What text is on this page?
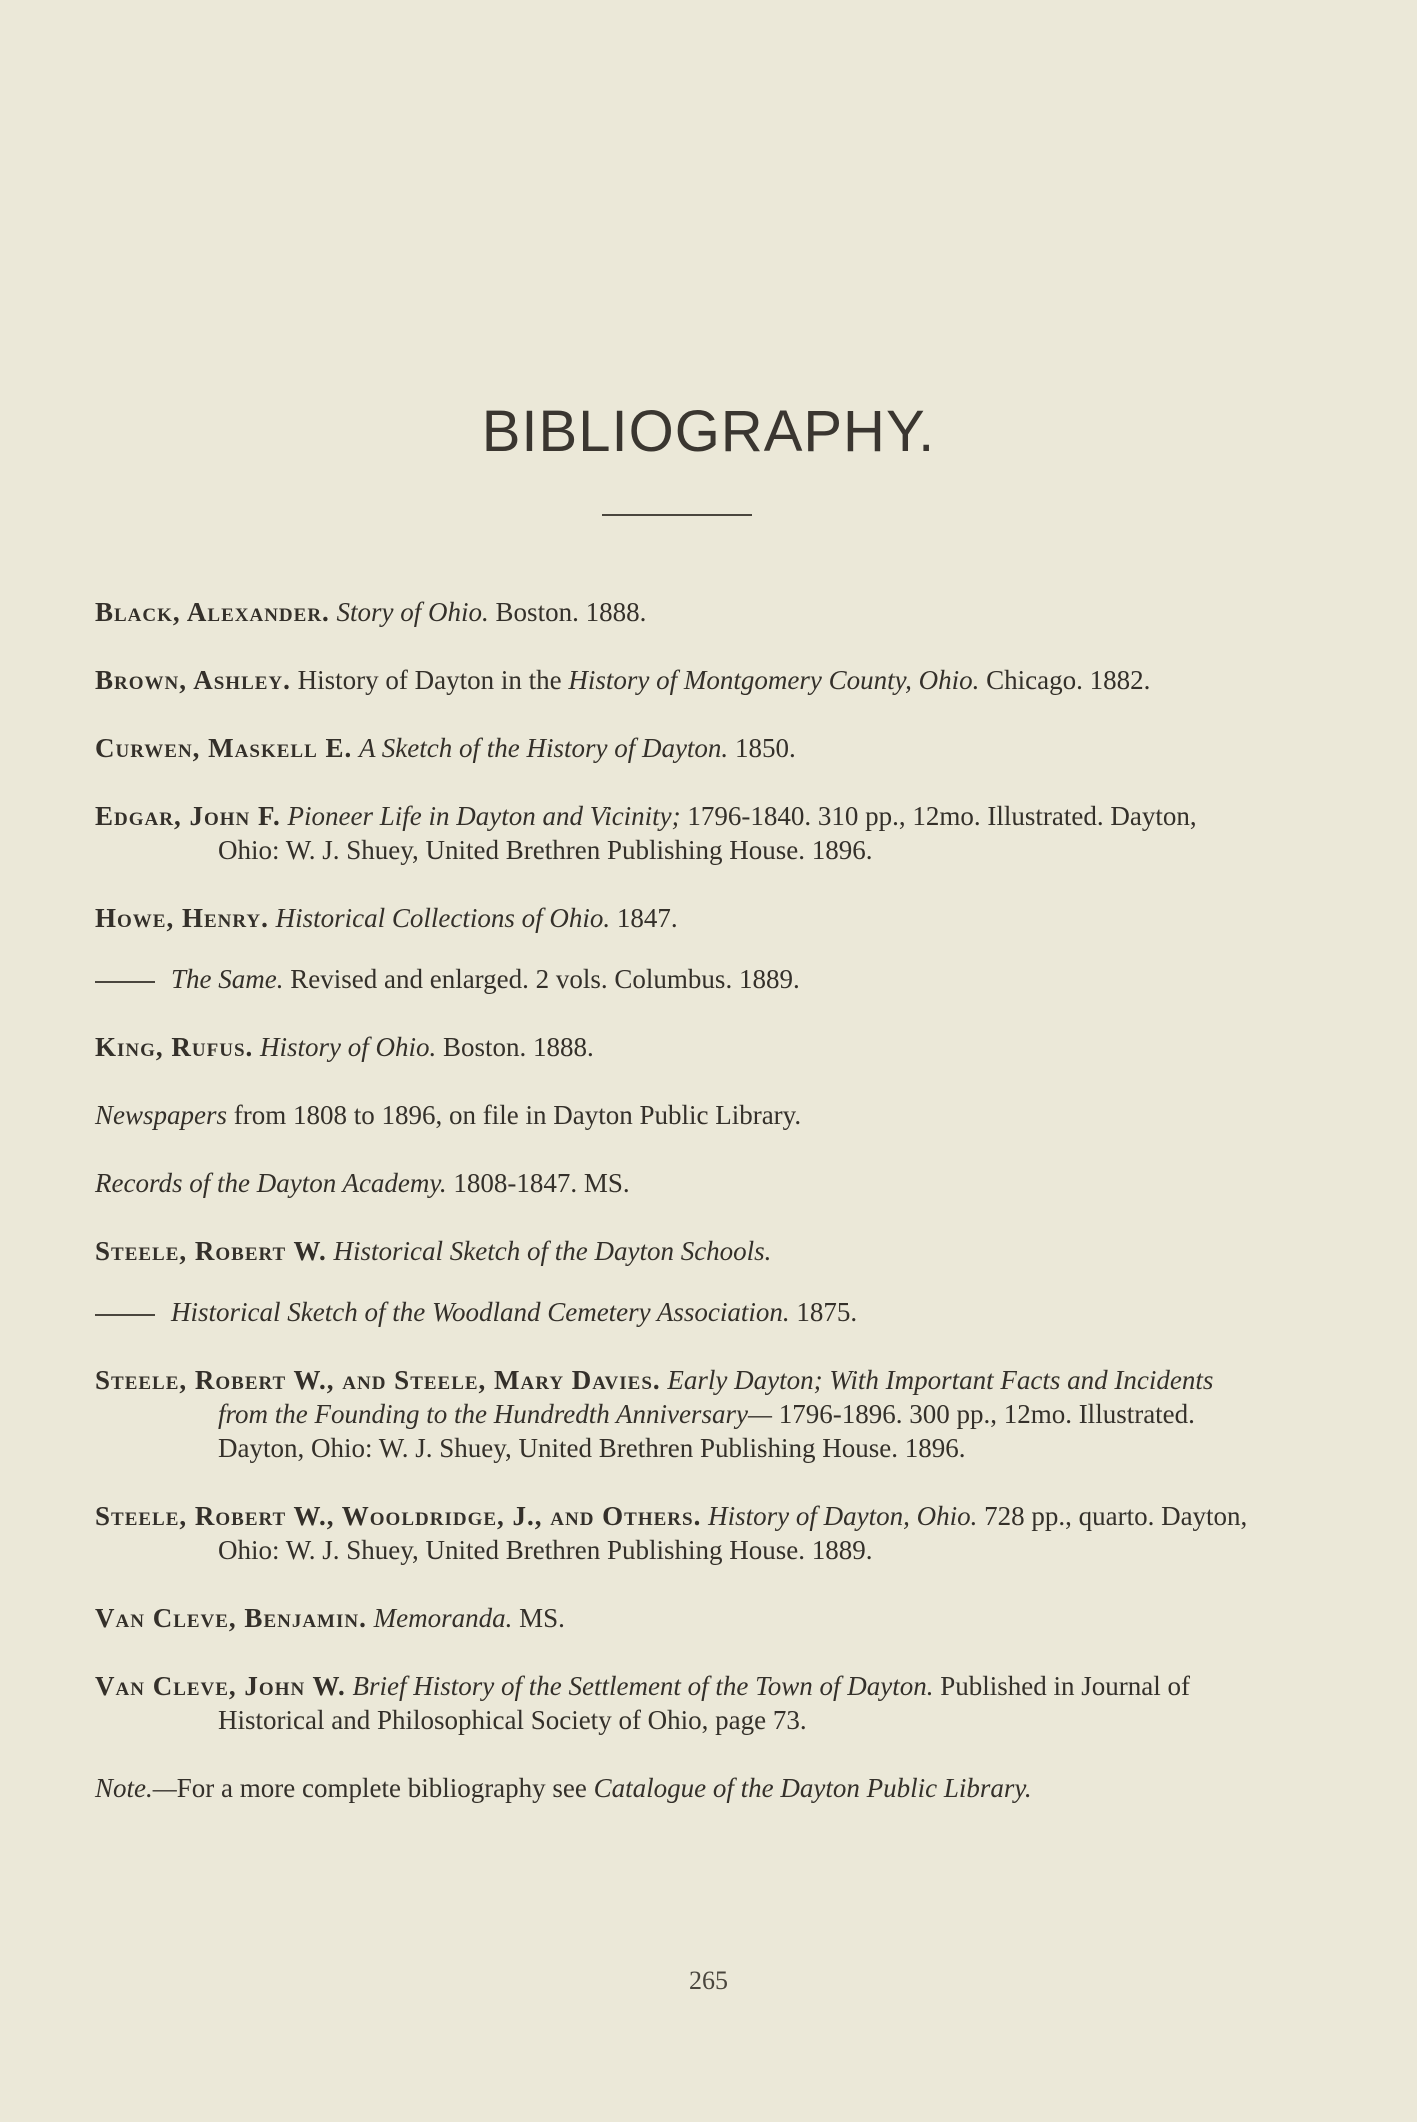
BIBLIOGRAPHY.

Black, Alexander. Story of Ohio. Boston. 1888.

Brown, Ashley. History of Dayton in the History of Montgomery County, Ohio. Chicago. 1882.

Curwen, Maskell E. A Sketch of the History of Dayton. 1850.

Edgar, John F. Pioneer Life in Dayton and Vicinity; 1796-1840. 310 pp., 12mo. Illustrated. Dayton, Ohio: W. J. Shuey, United Brethren Publishing House. 1896.

Howe, Henry. Historical Collections of Ohio. 1847.

The Same. Revised and enlarged. 2 vols. Columbus. 1889.

King, Rufus. History of Ohio. Boston. 1888.

Newspapers from 1808 to 1896, on file in Dayton Public Library.

Records of the Dayton Academy. 1808-1847. MS.

Steele, Robert W. Historical Sketch of the Dayton Schools.

Historical Sketch of the Woodland Cemetery Association. 1875.

Steele, Robert W., and Steele, Mary Davies. Early Dayton; With Important Facts and Incidents from the Founding to the Hundredth Anniversary— 1796-1896. 300 pp., 12mo. Illustrated. Dayton, Ohio: W. J. Shuey, United Brethren Publishing House. 1896.

Steele, Robert W., Wooldridge, J., and Others. History of Dayton, Ohio. 728 pp., quarto. Dayton, Ohio: W. J. Shuey, United Brethren Publishing House. 1889.

Van Cleve, Benjamin. Memoranda. MS.

Van Cleve, John W. Brief History of the Settlement of the Town of Dayton. Published in Journal of Historical and Philosophical Society of Ohio, page 73.

Note.—For a more complete bibliography see Catalogue of the Dayton Public Library.

265
